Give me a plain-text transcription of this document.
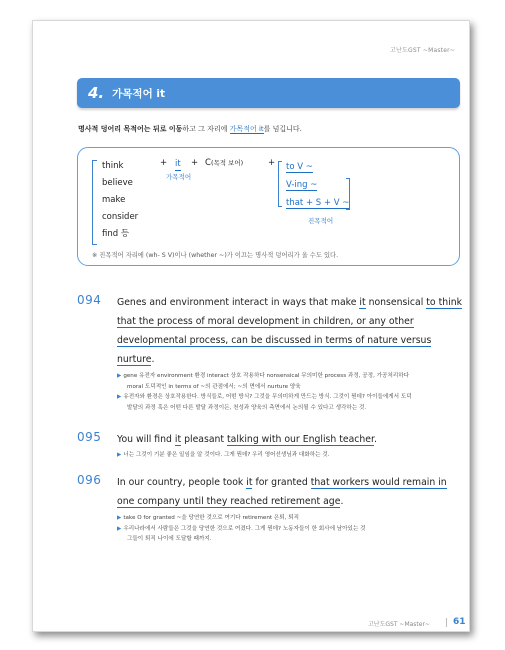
고난도GST ~Master~
4. 가목적어 it
명사적 덩어리 목적어는 뒤로 이동하고 그 자리에 가목적어 it를 넘깁니다.
think
believe
make
consider
find 등
+ it
가목적어
+ C(목적 보어)	+ to V ~
V-ing ~
that + S + V ~
진목적어
※ 진목적어 자리에 (wh- S V)이나 (whether ~)가 이끄는 명사적 덩어리가 올 수도 있다.
094 Genes and environment interact in ways that make it nonsensical to think that the process of moral development in children, or any other developmental process, can be discussed in terms of nature versus nurture.
▶ gene 유전자 environment 환경 interact 상호 작용하다 nonsensical 무의미한 process 과정, 공정, 가공처리하다
moral 도덕적인 in terms of ~의 관점에서; ~의 면에서 nurture 양육
▶ 유전자와 환경은 상호작용한다. 방식들로, 어떤 방식? 그것을 무의미하게 만드는 방식. 그것이 뭔데? 아이들에게서 도덕
발달의 과정 혹은 어떤 다른 발달 과정이든, 천성과 양육의 측면에서 논의될 수 있다고 생각하는 것.
095 You will find it pleasant talking with our English teacher.
▶ 너는 그것이 기분 좋은 일임을 알 것이다. 그게 뭔데? 우리 영어선생님과 대화하는 것.
096 In our country, people took it for granted that workers would remain in one company until they reached retirement age.
▶ take O for granted ~을 당연한 것으로 여기다 retirement 은퇴, 퇴직
▶ 우리나라에서 사람들은 그것을 당연한 것으로 여겼다. 그게 뭔데? 노동자들이 한 회사에 남아있는 것
그들이 퇴직 나이에 도달할 때까지.
고난도GST ~Master~	61
